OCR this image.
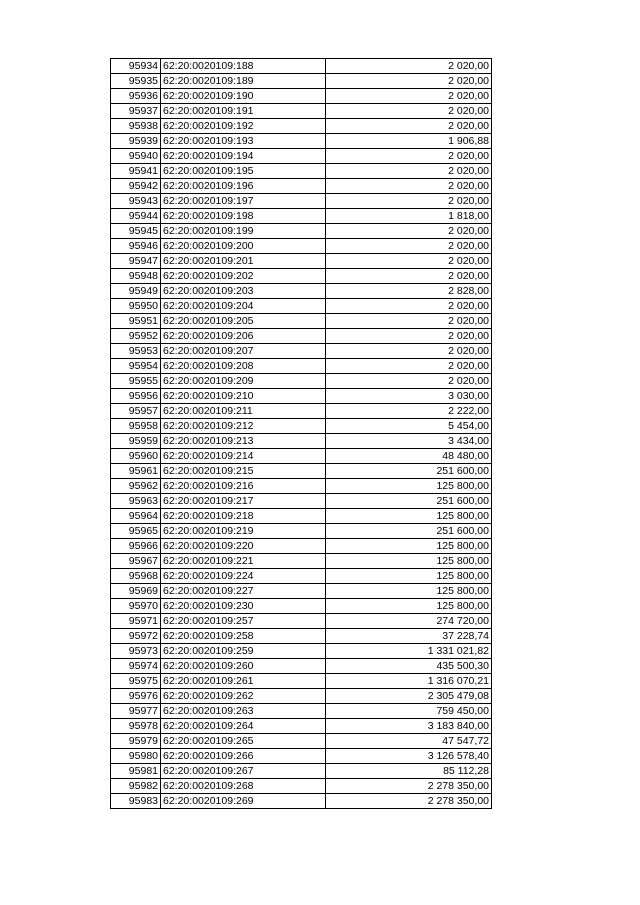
95934	62:20:0020109:188	2 020,00
95935	62:20:0020109:189	2 020,00
95936	62:20:0020109:190	2 020,00
95937	62:20:0020109:191	2 020,00
95938	62:20:0020109:192	2 020,00
95939	62:20:0020109:193	1 906,88
95940	62:20:0020109:194	2 020,00
95941	62:20:0020109:195	2 020,00
95942	62:20:0020109:196	2 020,00
95943	62:20:0020109:197	2 020,00
95944	62:20:0020109:198	1 818,00
95945	62:20:0020109:199	2 020,00
95946	62:20:0020109:200	2 020,00
95947	62:20:0020109:201	2 020,00
95948	62:20:0020109:202	2 020,00
95949	62:20:0020109:203	2 828,00
95950	62:20:0020109:204	2 020,00
95951	62:20:0020109:205	2 020,00
95952	62:20:0020109:206	2 020,00
95953	62:20:0020109:207	2 020,00
95954	62:20:0020109:208	2 020,00
95955	62:20:0020109:209	2 020,00
95956	62:20:0020109:210	3 030,00
95957	62:20:0020109:211	2 222,00
95958	62:20:0020109:212	5 454,00
95959	62:20:0020109:213	3 434,00
95960	62:20:0020109:214	48 480,00
95961	62:20:0020109:215	251 600,00
95962	62:20:0020109:216	125 800,00
95963	62:20:0020109:217	251 600,00
95964	62:20:0020109:218	125 800,00
95965	62:20:0020109:219	251 600,00
95966	62:20:0020109:220	125 800,00
95967	62:20:0020109:221	125 800,00
95968	62:20:0020109:224	125 800,00
95969	62:20:0020109:227	125 800,00
95970	62:20:0020109:230	125 800,00
95971	62:20:0020109:257	274 720,00
95972	62:20:0020109:258	37 228,74
95973	62:20:0020109:259	1 331 021,82
95974	62:20:0020109:260	435 500,30
95975	62:20:0020109:261	1 316 070,21
95976	62:20:0020109:262	2 305 479,08
95977	62:20:0020109:263	759 450,00
95978	62:20:0020109:264	3 183 840,00
95979	62:20:0020109:265	47 547,72
95980	62:20:0020109:266	3 126 578,40
95981	62:20:0020109:267	85 112,28
95982	62:20:0020109:268	2 278 350,00
95983	62:20:0020109:269	2 278 350,00
